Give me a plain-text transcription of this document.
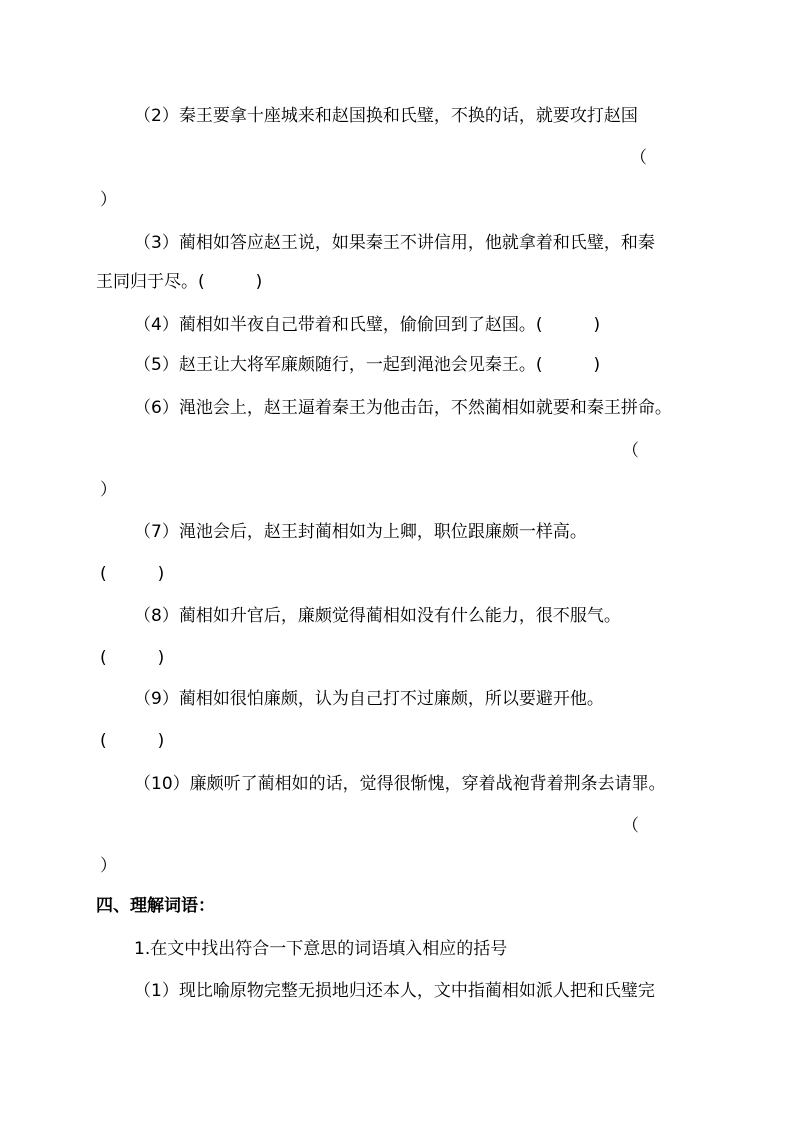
（2）秦王要拿十座城来和赵国换和氏璧，不换的话，就要攻打赵国
（
）
（3）蔺相如答应赵王说，如果秦王不讲信用，他就拿着和氏璧，和秦
王同归于尽。(　　　)
（4）蔺相如半夜自己带着和氏璧，偷偷回到了赵国。(　　　)
（5）赵王让大将军廉颇随行，一起到渑池会见秦王。(　　　)
（6）渑池会上，赵王逼着秦王为他击缶，不然蔺相如就要和秦王拼命。
（
）
（7）渑池会后，赵王封蔺相如为上卿，职位跟廉颇一样高。
(　　　)
（8）蔺相如升官后，廉颇觉得蔺相如没有什么能力，很不服气。
(　　　)
（9）蔺相如很怕廉颇，认为自己打不过廉颇，所以要避开他。
(　　　)
（10）廉颇听了蔺相如的话，觉得很惭愧，穿着战袍背着荆条去请罪。
（
）
四、理解词语：
1.在文中找出符合一下意思的词语填入相应的括号
（1）现比喻原物完整无损地归还本人，文中指蔺相如派人把和氏璧完
